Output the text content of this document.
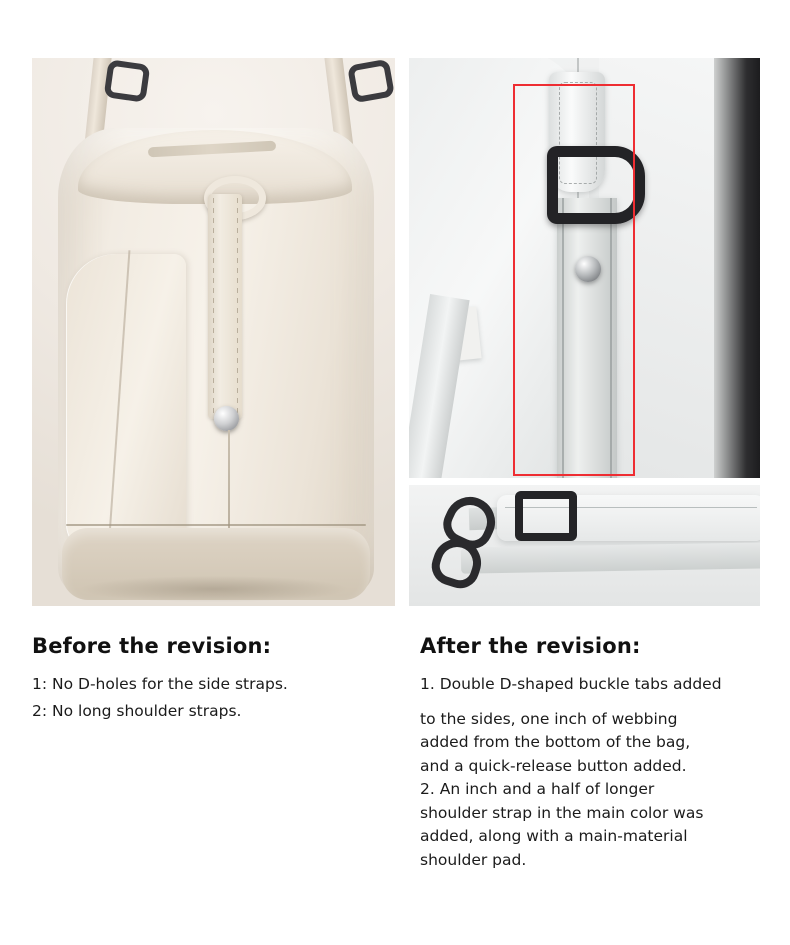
Before the revision:

1: No D-holes for the side straps.

2: No long shoulder straps.

After the revision:

1. Double D-shaped buckle tabs added

to the sides, one inch of webbing

added from the bottom of the bag,

and a quick-release button added.

2. An inch and a half of longer

shoulder strap in the main color was

added, along with a main-material

shoulder pad.
